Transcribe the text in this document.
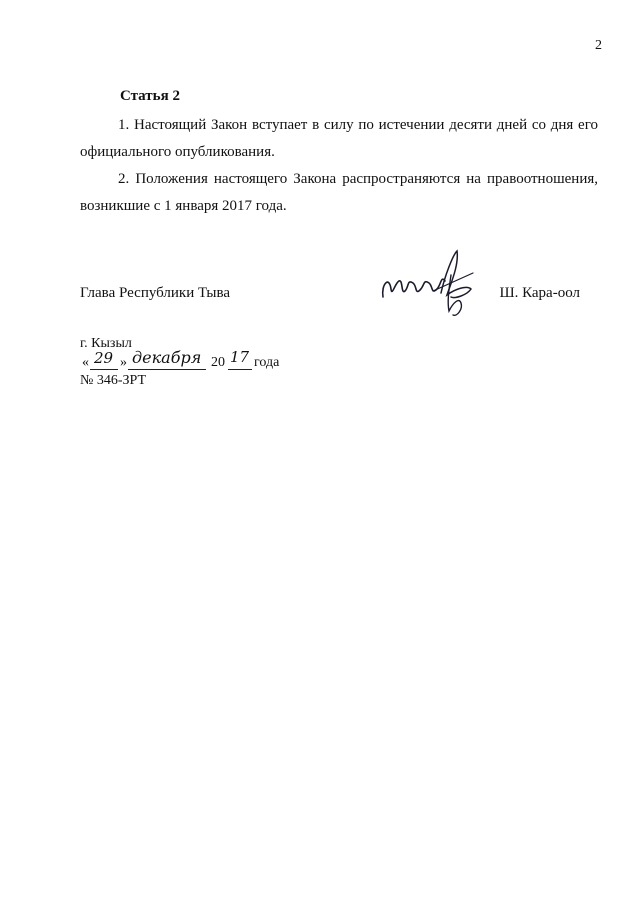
2
Статья 2

1. Настоящий Закон вступает в силу по истечении десяти дней со дня его официального опубликования.

2. Положения настоящего Закона распространяются на правоотношения, возникшие с 1 января 2017 года.

Глава Республики Тыва	Ш. Кара-оол
г. Кызыл
« 29 » декабря 20 17 года
№ 346-ЗРТ
